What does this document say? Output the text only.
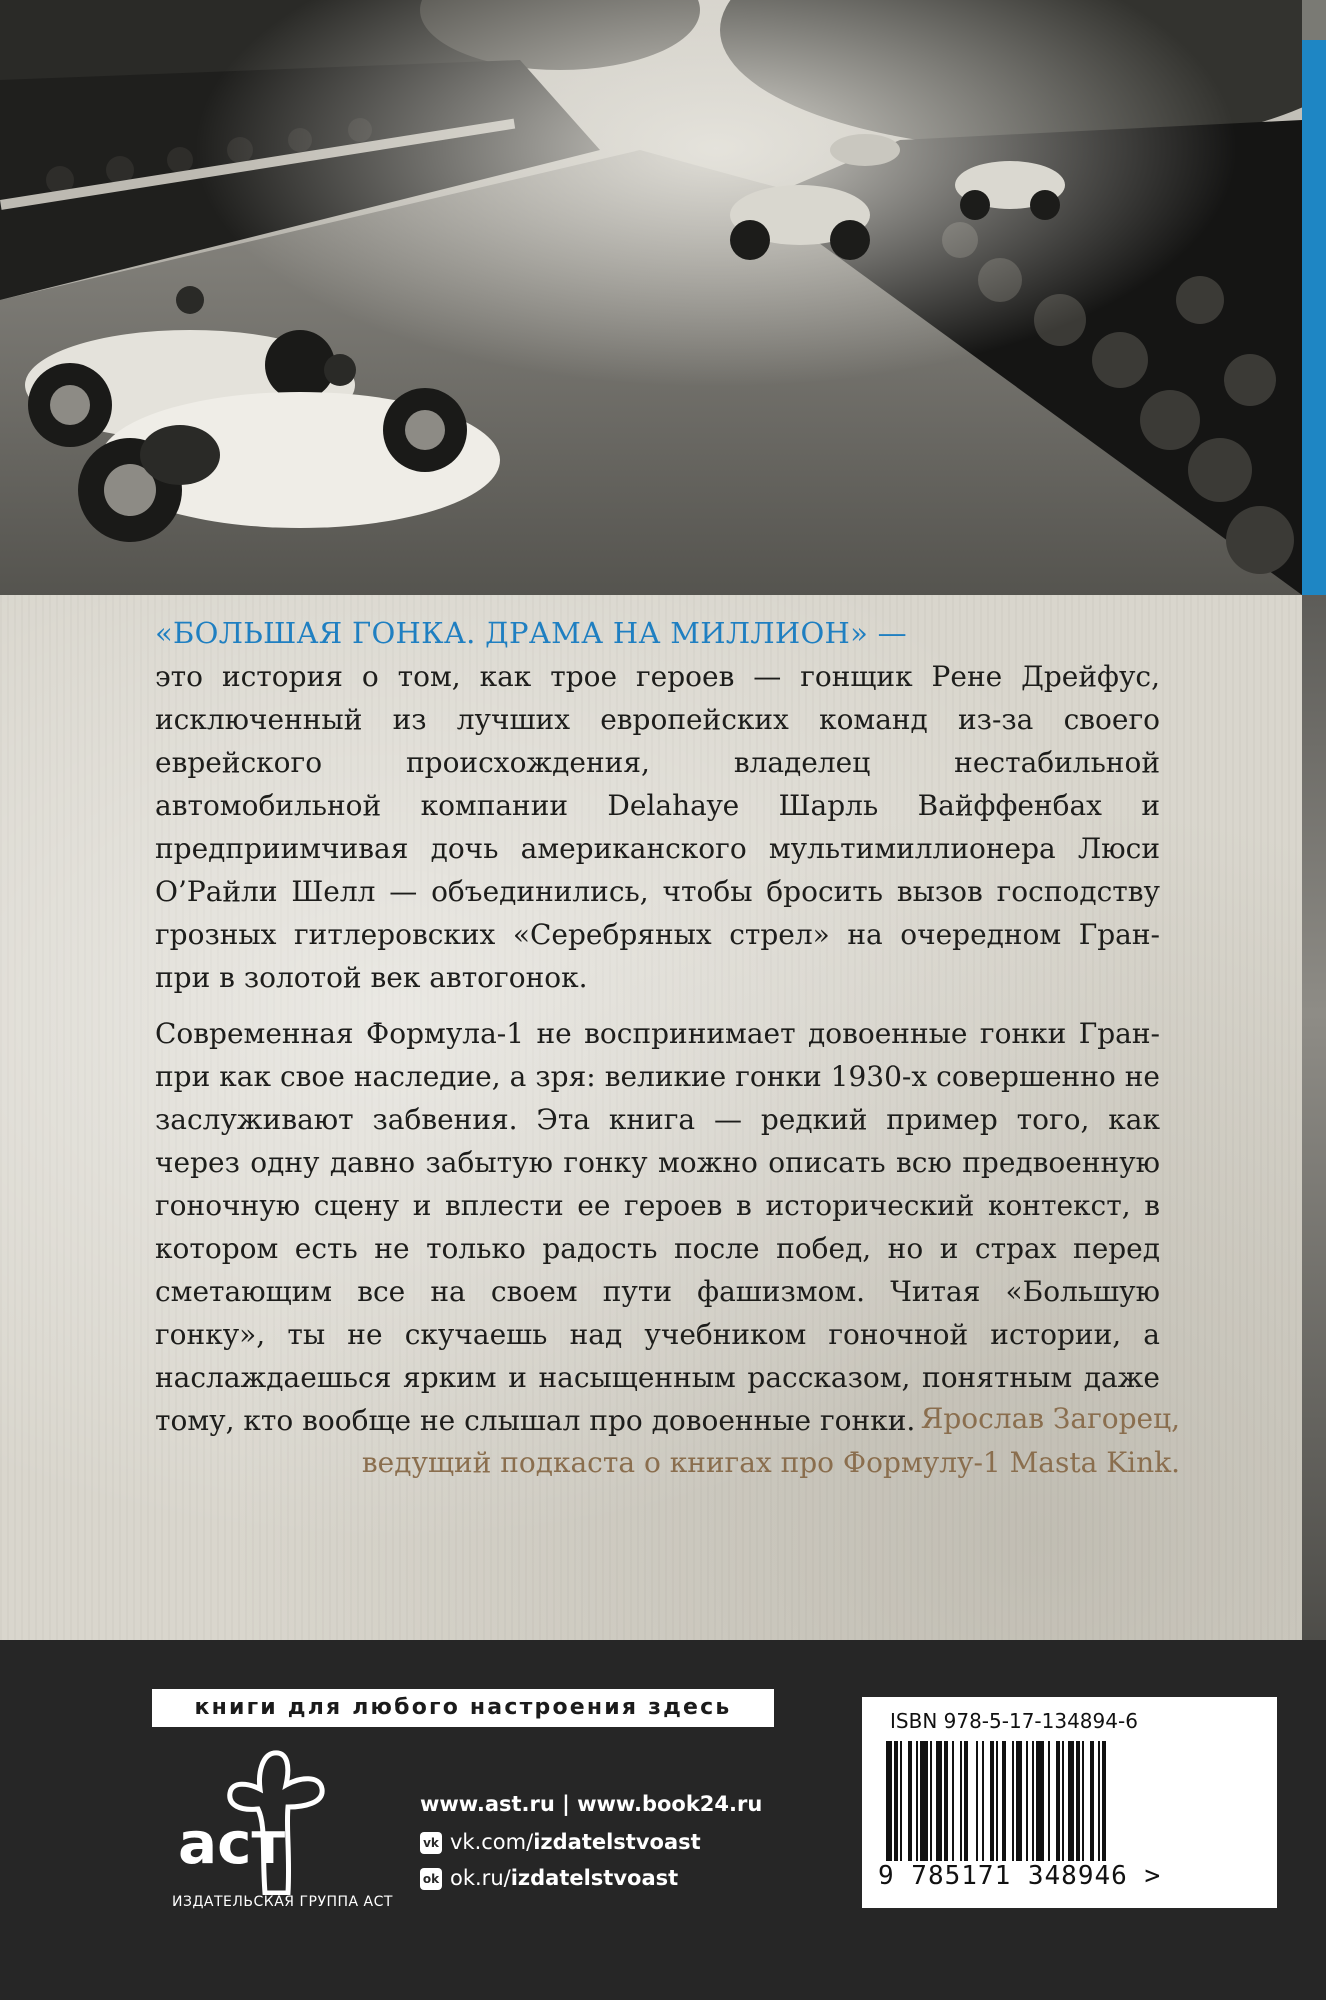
«БОЛЬШАЯ ГОНКА. ДРАМА НА МИЛЛИОН» —

это история о том, как трое героев — гонщик Рене Дрейфус, исключенный из лучших европейских команд из-за своего еврейского происхождения, владелец нестабильной автомобильной компании Delahaye Шарль Вайффенбах и предприимчивая дочь американского мультимиллионера Люси О’Райли Шелл — объединились, чтобы бросить вызов господству грозных гитлеровских «Серебряных стрел» на очередном Гран-при в золотой век автогонок.

Современная Формула-1 не воспринимает довоенные гонки Гран-при как свое наследие, а зря: великие гонки 1930-х совершенно не заслуживают забвения. Эта книга — редкий пример того, как через одну давно забытую гонку можно описать всю предвоенную гоночную сцену и вплести ее героев в исторический контекст, в котором есть не только радость после побед, но и страх перед сметающим все на своем пути фашизмом. Читая «Большую гонку», ты не скучаешь над учебником гоночной истории, а наслаждаешься ярким и насыщенным рассказом, понятным даже тому, кто вообще не слышал про довоенные гонки. Ярослав Загорец,

ведущий подкаста о книгах про Формулу-1 Masta Kink.

книги для любого настроения здесь
аст
ИЗДАТЕЛЬСКАЯ ГРУППА АСТ
www.ast.ru | www.book24.ru
vk vk.com/izdatelstvoast
ok ok.ru/izdatelstvoast
ISBN 978-5-17-134894-6
9 785171 348946 >
